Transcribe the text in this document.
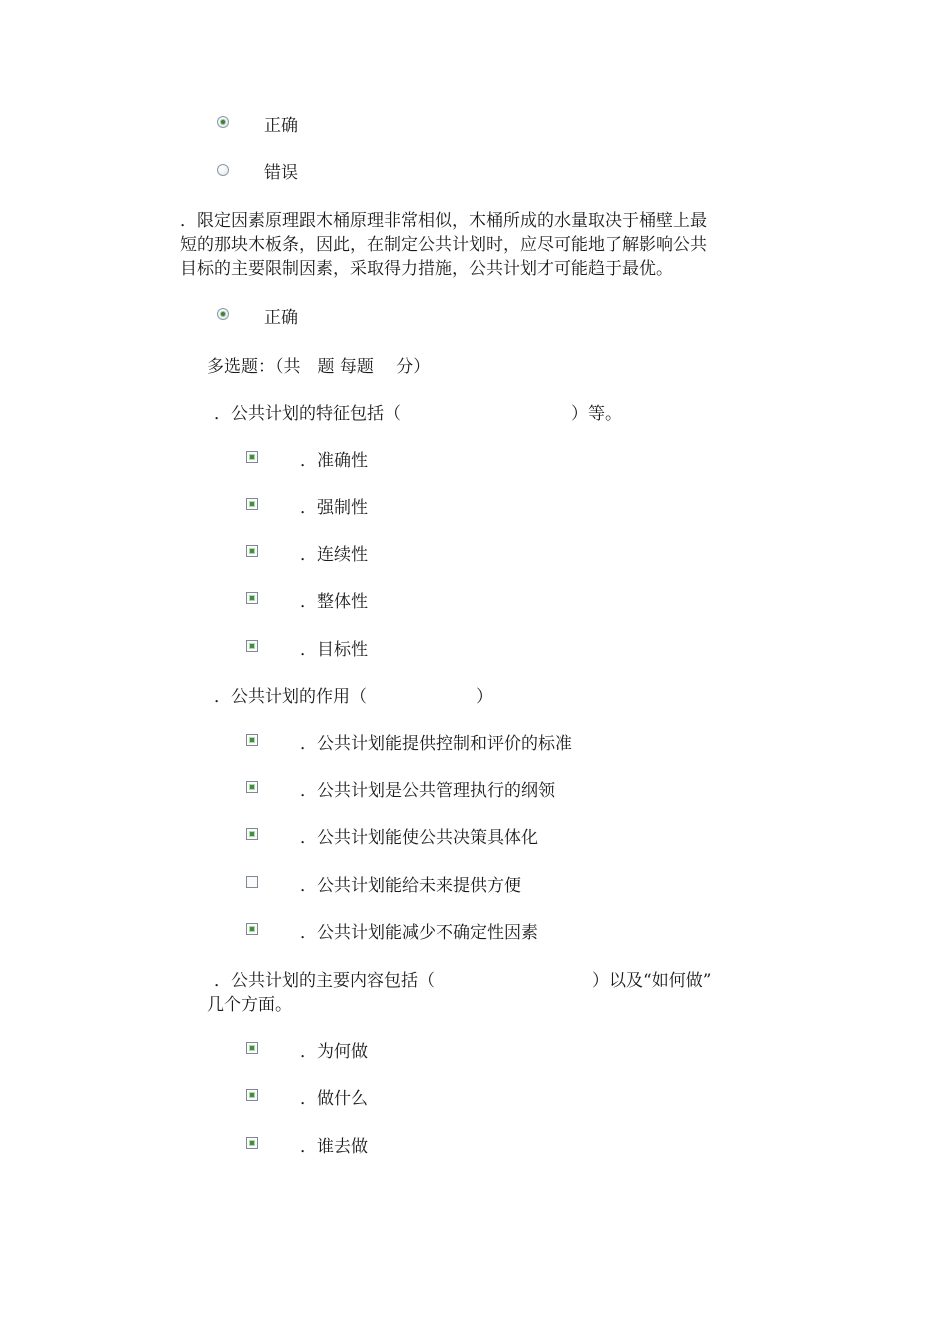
正确
错误
．限定因素原理跟木桶原理非常相似，木桶所成的水量取决于桶壁上最
短的那块木板条，因此，在制定公共计划时，应尽可能地了解影响公共
目标的主要限制因素，采取得力措施，公共计划才可能趋于最优。
正确
多选题：（共　题 每题　 分）
．公共计划的特征包括（	）等。
．准确性
．强制性
．连续性
．整体性
．目标性
．公共计划的作用（	）
．公共计划能提供控制和评价的标准
．公共计划是公共管理执行的纲领
．公共计划能使公共决策具体化
．公共计划能给未来提供方便
．公共计划能减少不确定性因素
．公共计划的主要内容包括（	）以及“如何做”
几个方面。
．为何做
．做什么
．谁去做
